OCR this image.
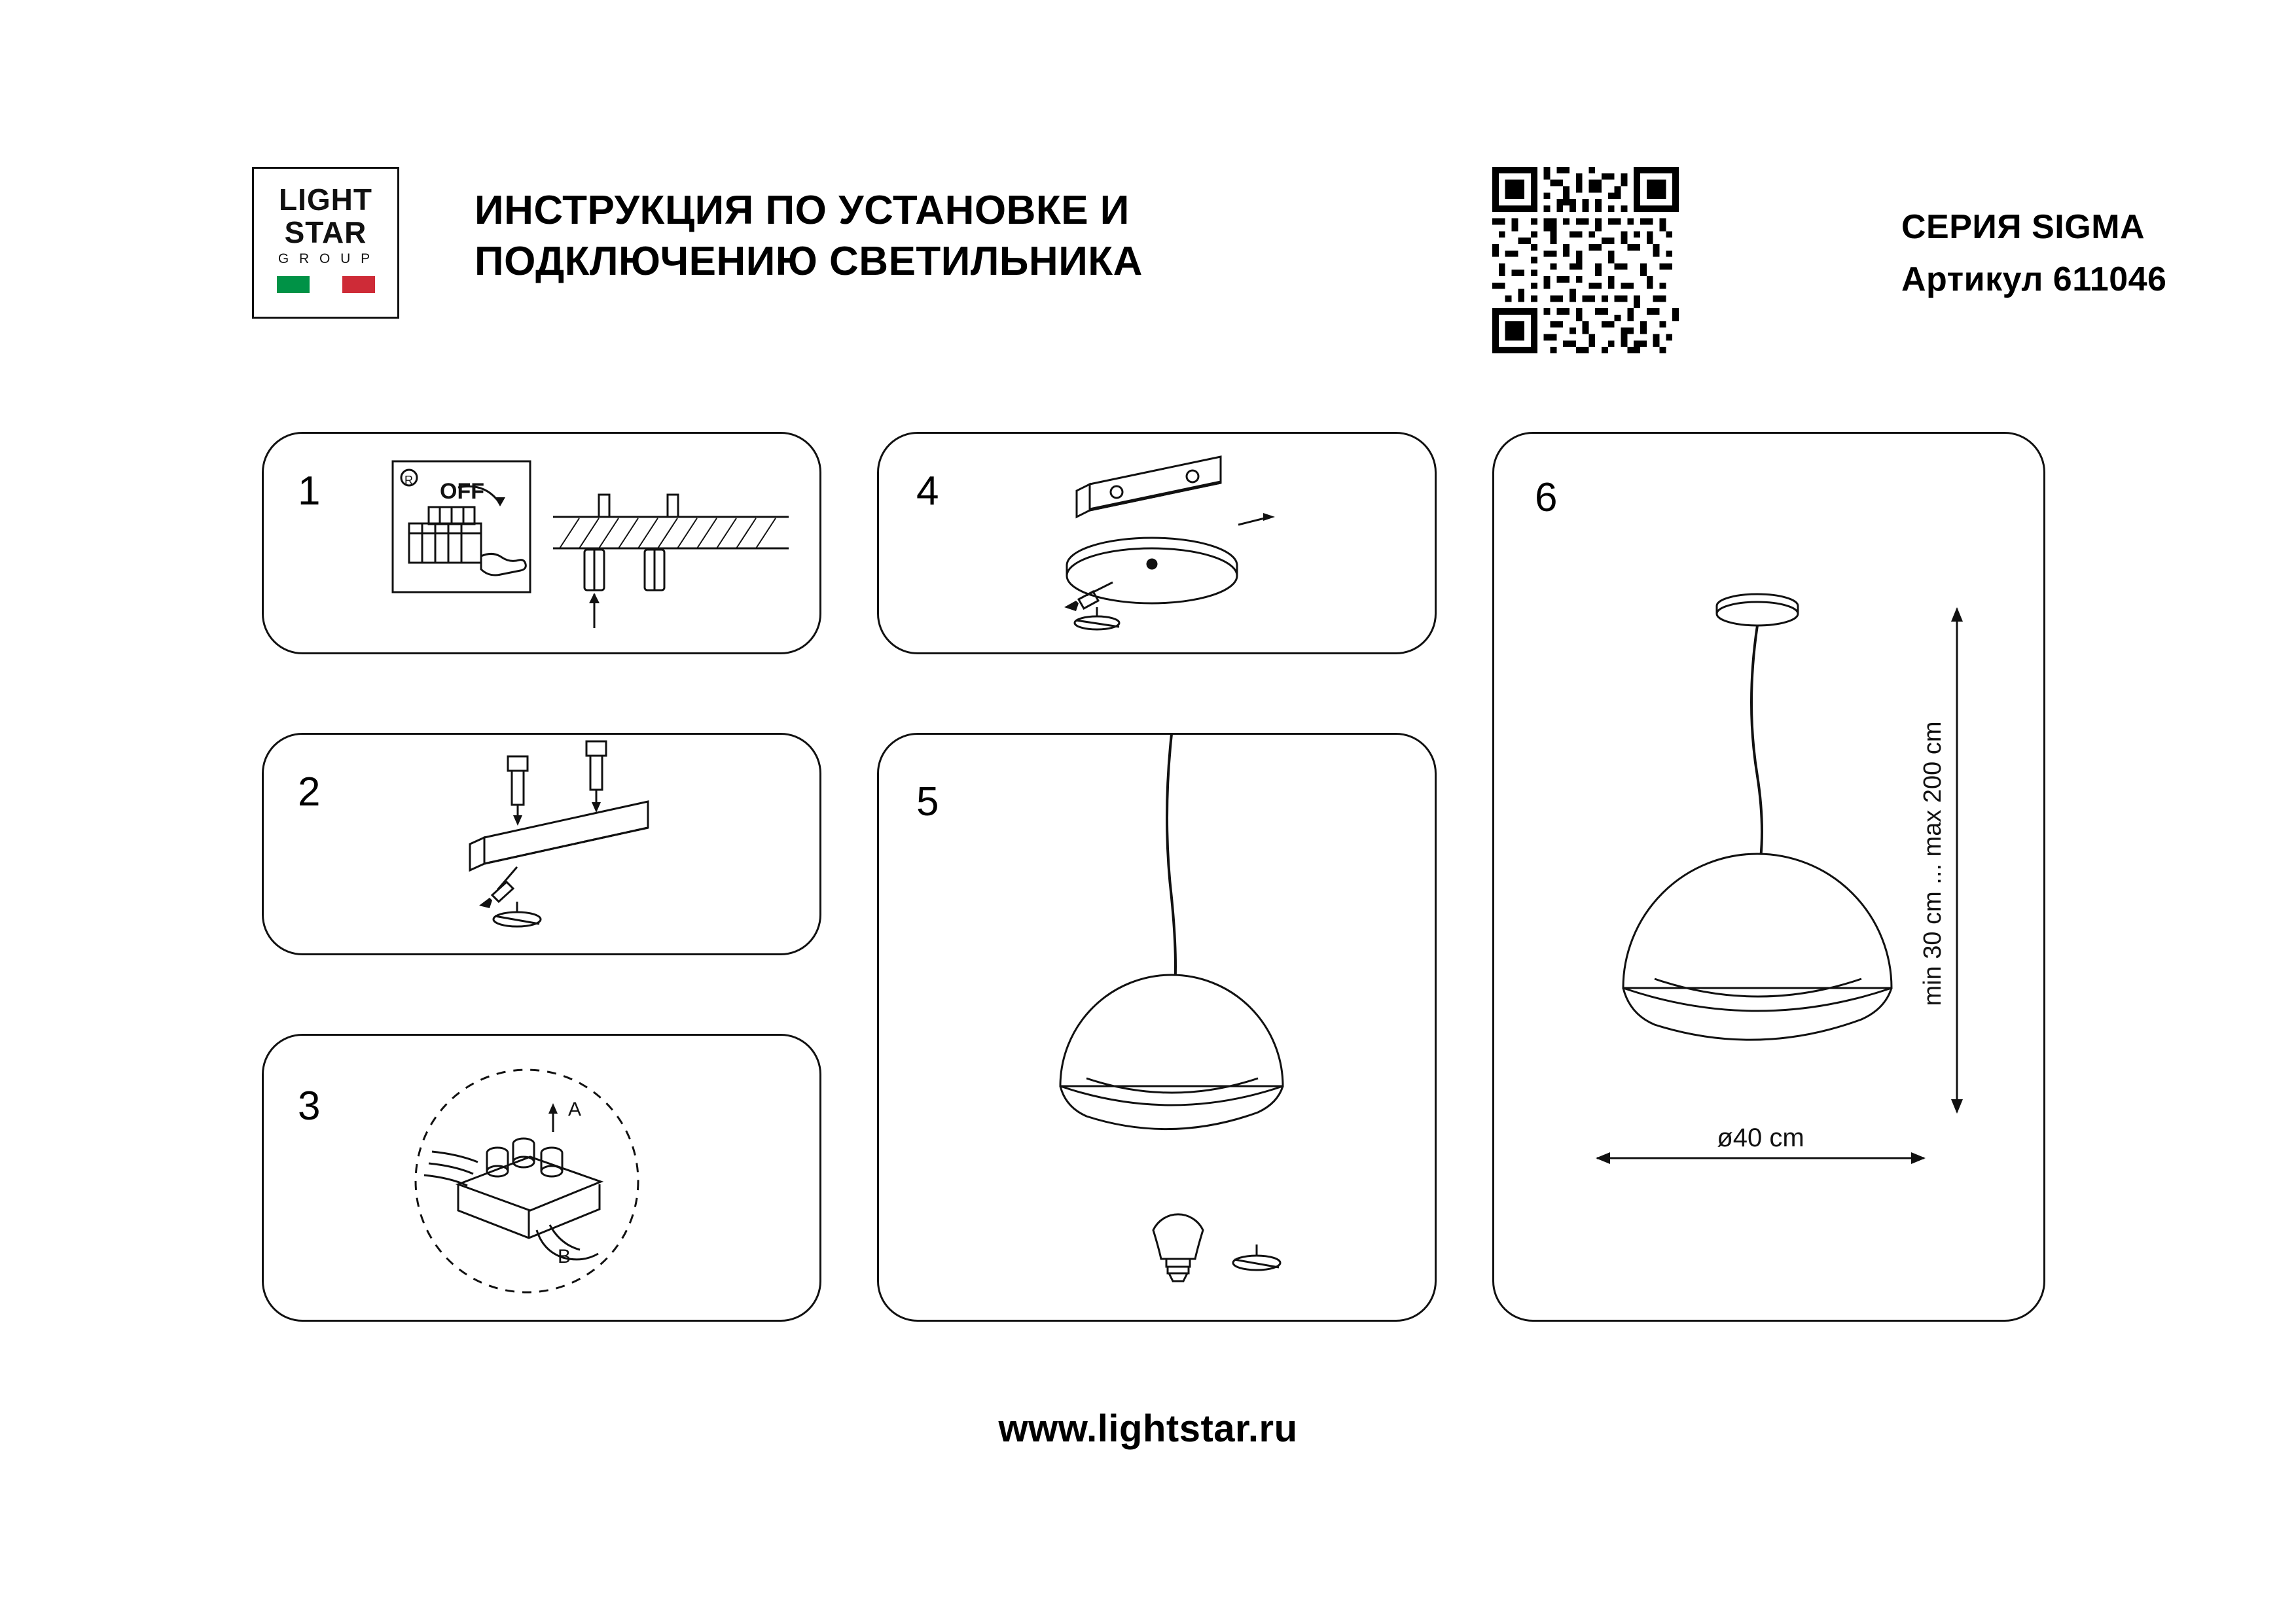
LIGHT
STAR
G R O U P
ИНСТРУКЦИЯ ПО УСТАНОВКЕ И ПОДКЛЮЧЕНИЮ СВЕТИЛЬНИКА
СЕРИЯ SIGMA
Артикул 611046
1	OFF
R
2
3	A
B
4
5
6
min 30 cm ... max 200 cm
ø40 cm
www.lightstar.ru
